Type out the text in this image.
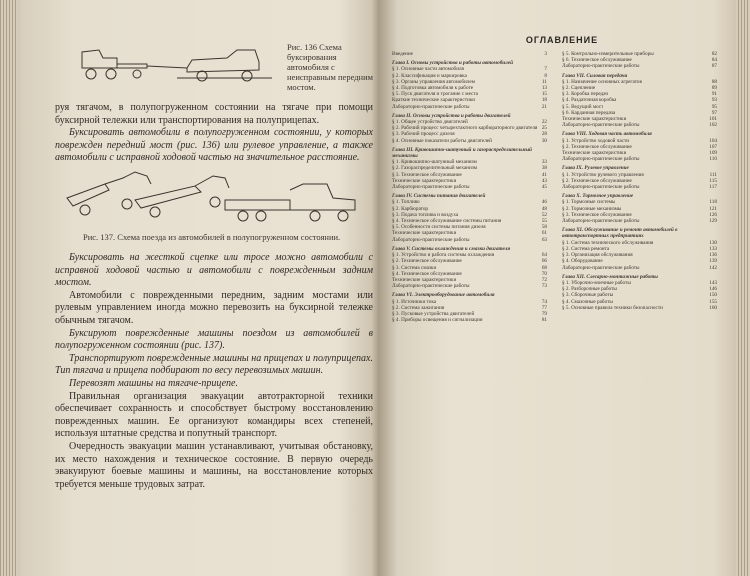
Рис. 136 Схема буксирования автомобиля с неисправным передним мостом.

руя тягачом, в полупогруженном состоянии на тягаче при помощи буксирной тележки или транспортирования на полуприцепах.

Буксировать автомобили в полупогруженном состоянии, у которых поврежден передний мост (рис. 136) или рулевое управление, а также автомобили с исправной ходовой частью на значительное расстояние.

Рис. 137. Схема поезда из автомобилей в полупогруженном состоянии.

Буксировать на жесткой сцепке или тросе можно автомобили с исправной ходовой частью и автомобили с поврежденным задним мостом.

Автомобили с поврежденными передним, задним мостами или рулевым управлением иногда можно перевозить на буксирной тележке обычным тягачом.

Буксируют поврежденные машины поездом из автомобилей в полупогруженном состоянии (рис. 137).

Транспортируют поврежденные машины на прицепах и полуприцепах. Тип тягача и прицепа подбирают по весу перевозимых машин.

Перевозят машины на тягаче-прицепе.

Правильная организация эвакуации автотракторной техники обеспечивает сохранность и способствует быстрому восстановлению поврежденных машин. Ее организуют командиры всех степеней, используя штатные средства и попутный транспорт.

Очередность эвакуации машин устанавливают, учитывая обстановку, их место нахождения и техническое состояние. В первую очередь эвакуируют боевые машины и машины, на восстановление которых требуется меньше трудовых затрат.

ОГЛАВЛЕНИЕ
Введение	3
Глава I. Основы устройства и работы автомобилей
§ 1. Основные части автомобиля	7
§ 2. Классификация и маркировка	8
§ 3. Органы управления автомобилем	11
§ 4. Подготовка автомобиля к работе	13
§ 5. Пуск двигателя и трогание с места	15
Краткие технические характеристики	18
Лабораторно-практические работы	21
Глава II. Основы устройства и работы двигателей
§ 1. Общее устройство двигателей	22
§ 2. Рабочий процесс четырехтактного карбюраторного двигателя 25
§ 3. Рабочий процесс дизеля	28
§ 4. Основные показатели работы двигателей	30
Глава III. Кривошипно-шатунный и газораспределительный механизмы
§ 1. Кривошипно-шатунный механизм	33
§ 2. Газораспределительный механизм	38
§ 3. Техническое обслуживание	41
Технические характеристики	43
Лабораторно-практические работы	45
Глава IV. Системы питания двигателей
§ 1. Топливо	46
§ 2. Карбюратор	48
§ 3. Подача топлива и воздуха	52
§ 4. Техническое обслуживание системы питания	55
§ 5. Особенности системы питания дизеля	58
Технические характеристики	61
Лабораторно-практические работы	63
Глава V. Системы охлаждения и смазки двигателя
§ 1. Устройство и работа системы охлаждения	64
§ 2. Техническое обслуживание	66
§ 3. Система смазки	68
§ 4. Техническое обслуживание	70
Технические характеристики	72
Лабораторно-практические работы	73
Глава VI. Электрооборудование автомобиля
§ 1. Источники тока	74
§ 2. Система зажигания	77
§ 3. Пусковые устройства двигателей	79
§ 4. Приборы освещения и сигнализации	81
§ 5. Контрольно-измерительные приборы	82
§ 6. Техническое обслуживание	84
Лабораторно-практические работы	87
Глава VII. Силовая передача
§ 1. Назначение основных агрегатов	88
§ 2. Сцепление	89
§ 3. Коробка передач	91
§ 4. Раздаточная коробка	93
§ 5. Ведущий мост	95
§ 6. Карданная передача	97
Технические характеристики	101
Лабораторно-практические работы	102
Глава VIII. Ходовая часть автомобиля
§ 1. Устройство ходовой части	104
§ 2. Техническое обслуживание	107
Технические характеристики	109
Лабораторно-практические работы	110
Глава IX. Рулевое управление
§ 1. Устройство рулевого управления	111
§ 2. Техническое обслуживание	115
Лабораторно-практические работы	117
Глава X. Тормозное управление
§ 1. Тормозные системы	118
§ 2. Тормозные механизмы	121
§ 3. Техническое обслуживание	126
Лабораторно-практические работы	129
Глава XI. Обслуживание и ремонт автомобилей в автотранспортных предприятиях
§ 1. Система технического обслуживания	130
§ 2. Система ремонта	133
§ 3. Организация обслуживания	136
§ 4. Оборудование	139
Лабораторно-практические работы	142
Глава XII. Слесарно-монтажные работы
§ 1. Уборочно-моечные работы	143
§ 2. Разборочные работы	146
§ 3. Сборочные работы	150
§ 4. Смазочные работы	155
§ 5. Основные правила техники безопасности	160
